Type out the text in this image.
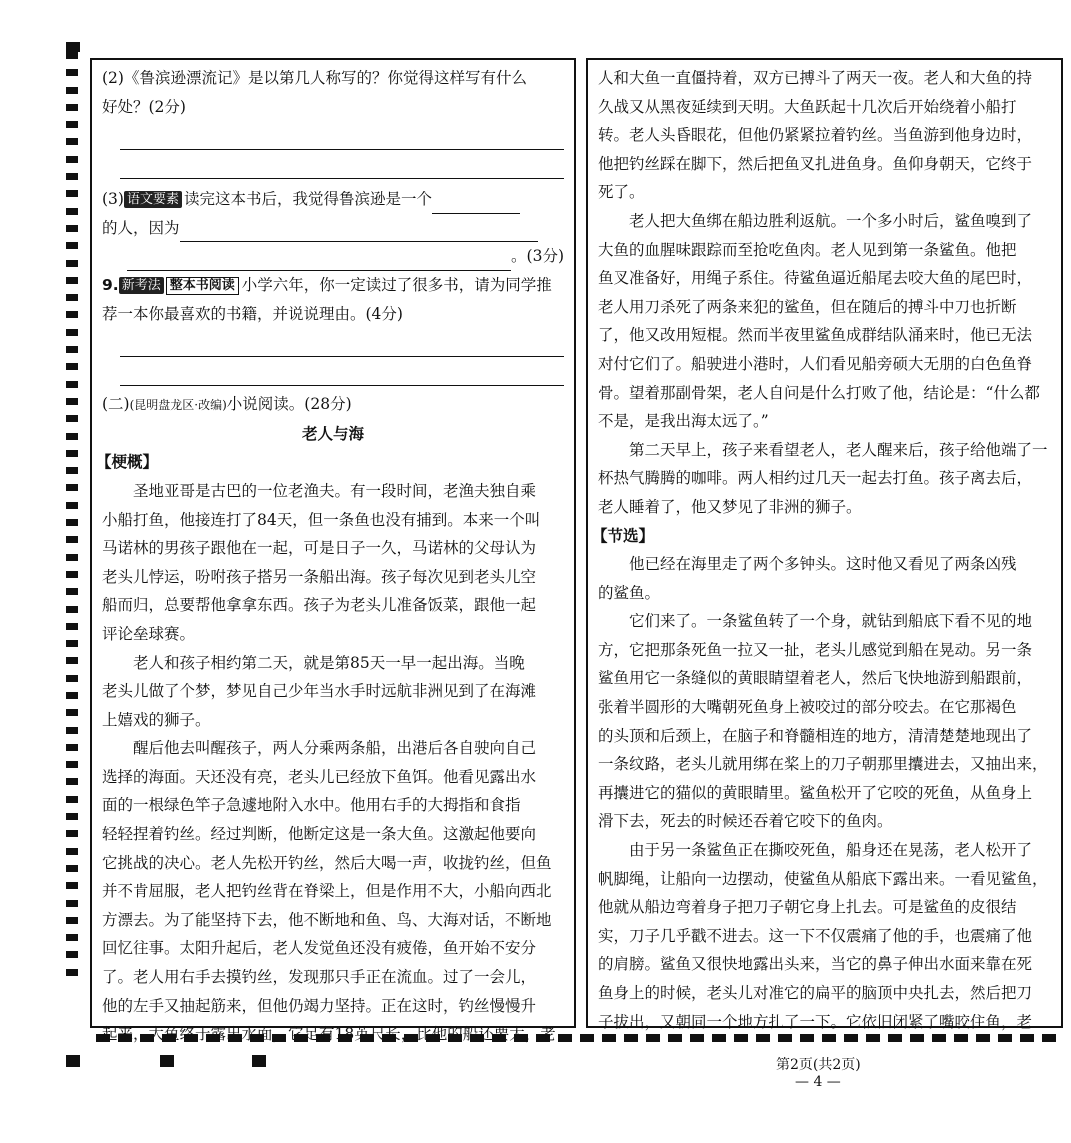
(2)《鲁滨逊漂流记》是以第几人称写的？你觉得这样写有什么
好处？(2分)
(3) 语文要素 读完这本书后，我觉得鲁滨逊是一个
的人，因为
。(3分)
9. 新考法 整本书阅读 小学六年，你一定读过了很多书，请为同学推
荐一本你最喜欢的书籍，并说说理由。(4分)
(二)(昆明盘龙区·改编)小说阅读。(28分)
老人与海
【梗概】
圣地亚哥是古巴的一位老渔夫。有一段时间，老渔夫独自乘
小船打鱼，他接连打了84天，但一条鱼也没有捕到。本来一个叫
马诺林的男孩子跟他在一起，可是日子一久，马诺林的父母认为
老头儿悖运，吩咐孩子搭另一条船出海。孩子每次见到老头儿空
船而归，总要帮他拿拿东西。孩子为老头儿准备饭菜，跟他一起
评论垒球赛。
老人和孩子相约第二天，就是第85天一早一起出海。当晚
老头儿做了个梦，梦见自己少年当水手时远航非洲见到了在海滩
上嬉戏的狮子。
醒后他去叫醒孩子，两人分乘两条船，出港后各自驶向自己
选择的海面。天还没有亮，老头儿已经放下鱼饵。他看见露出水
面的一根绿色竿子急遽地附入水中。他用右手的大拇指和食指
轻轻捏着钓丝。经过判断，他断定这是一条大鱼。这激起他要向
它挑战的决心。老人先松开钓丝，然后大喝一声，收拢钓丝，但鱼
并不肯屈服，老人把钓丝背在脊梁上，但是作用不大，小船向西北
方漂去。为了能坚持下去，他不断地和鱼、鸟、大海对话，不断地
回忆往事。太阳升起后，老人发觉鱼还没有疲倦，鱼开始不安分
了。老人用右手去摸钓丝，发现那只手正在流血。过了一会儿，
他的左手又抽起筋来，但他仍竭力坚持。正在这时，钓丝慢慢升
起来，大鱼终于露出水面，它足有18英尺长，比他的船还要大，老
人和大鱼一直僵持着，双方已搏斗了两天一夜。老人和大鱼的持
久战又从黑夜延续到天明。大鱼跃起十几次后开始绕着小船打
转。老人头昏眼花，但他仍紧紧拉着钓丝。当鱼游到他身边时，
他把钓丝踩在脚下，然后把鱼叉扎进鱼身。鱼仰身朝天，它终于
死了。
老人把大鱼绑在船边胜利返航。一个多小时后，鲨鱼嗅到了
大鱼的血腥味跟踪而至抢吃鱼肉。老人见到第一条鲨鱼。他把
鱼叉准备好，用绳子系住。待鲨鱼逼近船尾去咬大鱼的尾巴时，
老人用刀杀死了两条来犯的鲨鱼，但在随后的搏斗中刀也折断
了，他又改用短棍。然而半夜里鲨鱼成群结队涌来时，他已无法
对付它们了。船驶进小港时，人们看见船旁硕大无朋的白色鱼脊
骨。望着那副骨架，老人自问是什么打败了他，结论是：“什么都
不是，是我出海太远了。”
第二天早上，孩子来看望老人，老人醒来后，孩子给他端了一
杯热气腾腾的咖啡。两人相约过几天一起去打鱼。孩子离去后，
老人睡着了，他又梦见了非洲的狮子。
【节选】
他已经在海里走了两个多钟头。这时他又看见了两条凶残
的鲨鱼。
它们来了。一条鲨鱼转了一个身，就钻到船底下看不见的地
方，它把那条死鱼一拉又一扯，老头儿感觉到船在晃动。另一条
鲨鱼用它一条缝似的黄眼睛望着老人，然后飞快地游到船跟前，
张着半圆形的大嘴朝死鱼身上被咬过的部分咬去。在它那褐色
的头顶和后颈上，在脑子和脊髓相连的地方，清清楚楚地现出了
一条纹路，老头儿就用绑在桨上的刀子朝那里攮进去，又抽出来，
再攮进它的猫似的黄眼睛里。鲨鱼松开了它咬的死鱼，从鱼身上
滑下去，死去的时候还吞着它咬下的鱼肉。
由于另一条鲨鱼正在撕咬死鱼，船身还在晃荡，老人松开了
帆脚绳，让船向一边摆动，使鲨鱼从船底下露出来。一看见鲨鱼，
他就从船边弯着身子把刀子朝它身上扎去。可是鲨鱼的皮很结
实，刀子几乎戳不进去。这一下不仅震痛了他的手，也震痛了他
的肩膀。鲨鱼又很快地露出头来，当它的鼻子伸出水面来靠在死
鱼身上的时候，老头儿对准它的扁平的脑顶中央扎去，然后把刀
子拔出，又朝同一个地方扎了一下。它依旧闭紧了嘴咬住鱼，老
第2页(共2页)
— 4 —
